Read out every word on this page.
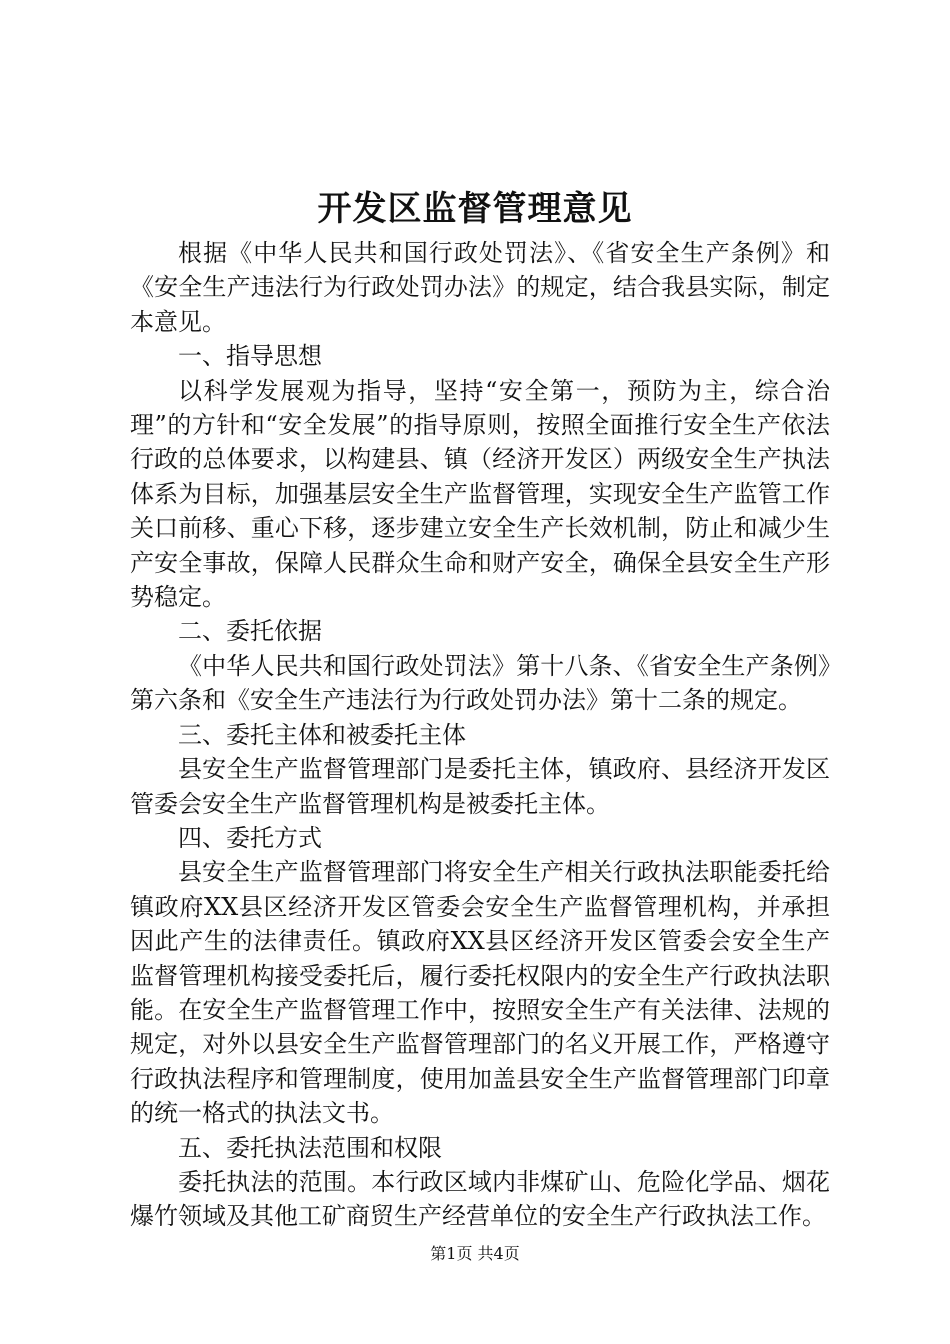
开发区监督管理意见

根据《中华人民共和国行政处罚法》、《省安全生产条例》和《安全生产违法行为行政处罚办法》的规定，结合我县实际，制定本意见。

一、指导思想

以科学发展观为指导，坚持“安全第一，预防为主，综合治理”的方针和“安全发展”的指导原则，按照全面推行安全生产依法行政的总体要求，以构建县、镇（经济开发区）两级安全生产执法体系为目标，加强基层安全生产监督管理，实现安全生产监管工作关口前移、重心下移，逐步建立安全生产长效机制，防止和减少生产安全事故，保障人民群众生命和财产安全，确保全县安全生产形势稳定。

二、委托依据

《中华人民共和国行政处罚法》第十八条、《省安全生产条例》第六条和《安全生产违法行为行政处罚办法》第十二条的规定。

三、委托主体和被委托主体

县安全生产监督管理部门是委托主体，镇政府、县经济开发区管委会安全生产监督管理机构是被委托主体。

四、委托方式

县安全生产监督管理部门将安全生产相关行政执法职能委托给镇政府XX县区经济开发区管委会安全生产监督管理机构，并承担因此产生的法律责任。镇政府XX县区经济开发区管委会安全生产监督管理机构接受委托后，履行委托权限内的安全生产行政执法职能。在安全生产监督管理工作中，按照安全生产有关法律、法规的规定，对外以县安全生产监督管理部门的名义开展工作，严格遵守行政执法程序和管理制度，使用加盖县安全生产监督管理部门印章的统一格式的执法文书。

五、委托执法范围和权限

委托执法的范围。本行政区域内非煤矿山、危险化学品、烟花爆竹领域及其他工矿商贸生产经营单位的安全生产行政执法工作。

第1页 共4页
